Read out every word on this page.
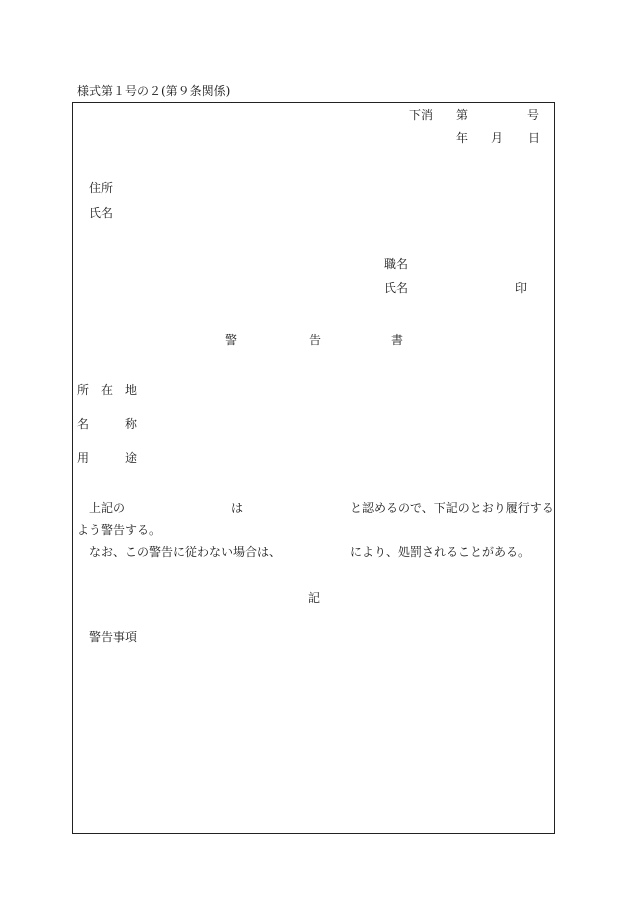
様式第１号の２(第９条関係)
下消 第	号
年 月 日
住所
氏名
職名
氏名	印
警	告	書
所 在 地
名	称
用	途
上記の	は	と認めるので、下記のとおり履行する
よう警告する。
なお、この警告に従わない場合は、	により、処罰されることがある。
記
警告事項
